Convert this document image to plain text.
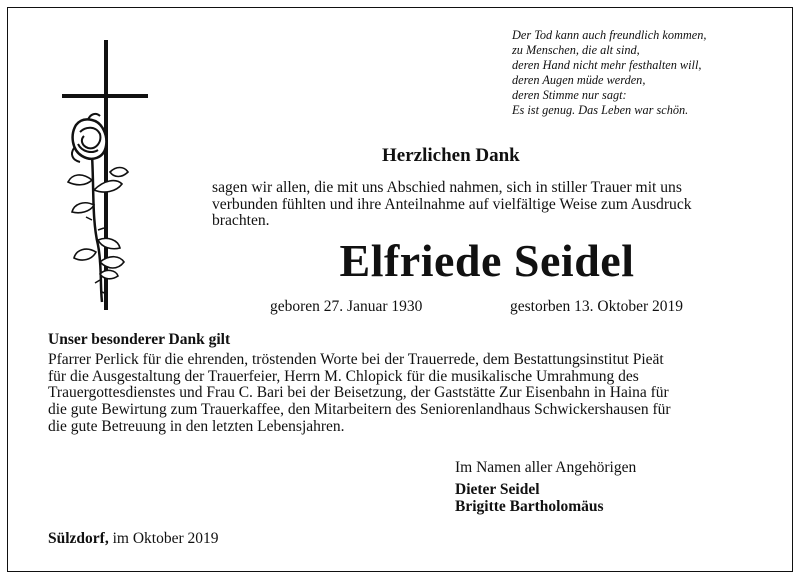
Der Tod kann auch freundlich kommen,
zu Menschen, die alt sind,
deren Hand nicht mehr festhalten will,
deren Augen müde werden,
deren Stimme nur sagt:
Es ist genug. Das Leben war schön.
Herzlichen Dank
sagen wir allen, die mit uns Abschied nahmen, sich in stiller Trauer mit uns
verbunden fühlten und ihre Anteilnahme auf vielfältige Weise zum Ausdruck
brachten.
Elfriede Seidel
geboren 27. Januar 1930	gestorben 13. Oktober 2019
Unser besonderer Dank gilt
Pfarrer Perlick für die ehrenden, tröstenden Worte bei der Trauerrede, dem Bestattungsinstitut Pieät
für die Ausgestaltung der Trauerfeier, Herrn M. Chlopick für die musikalische Umrahmung des
Trauergottesdienstes und Frau C. Bari bei der Beisetzung, der Gaststätte Zur Eisenbahn in Haina für
die gute Bewirtung zum Trauerkaffee, den Mitarbeitern des Seniorenlandhaus Schwickershausen für
die gute Betreuung in den letzten Lebensjahren.
Im Namen aller Angehörigen
Dieter Seidel
Brigitte Bartholomäus
Sülzdorf, im Oktober 2019
